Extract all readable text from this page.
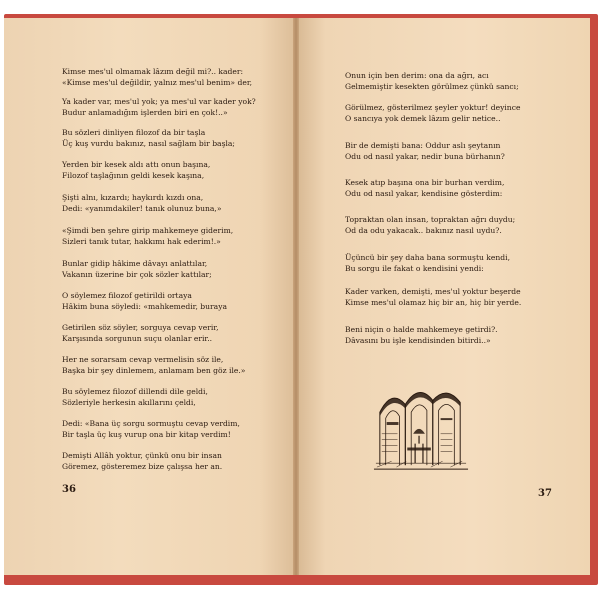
Kimse mes'ul olmamak lâzım değil mi?.. kader:
«Kimse mes'ul değildir, yalnız mes'ul benim» der,
Ya kader var, mes'ul yok; ya mes'ul var kader yok?
Budur anlamadığım işlerden biri en çok!..»
Bu sözleri dinliyen filozof da bir taşla
Üç kuş vurdu bakınız, nasıl sağlam bir başla;
Yerden bir kesek aldı attı onun başına,
Filozof taşlağının geldi kesek kaşına,
Şişti alnı, kızardı; haykırdı kızdı ona,
Dedi: «yanımdakiler! tanık olunuz buna,»
«Şimdi ben şehre girip mahkemeye giderim,
Sizleri tanık tutar, hakkımı hak ederim!.»
Bunlar gidip hâkime dâvayı anlattılar,
Vakanın üzerine bir çok sözler kattılar;
O söylemez filozof getirildi ortaya
Hâkim buna söyledi: «mahkemedir, buraya
Getirilen söz söyler, sorguya cevap verir,
Karşısında sorgunun suçu olanlar erir..
Her ne sorarsam cevap vermelisin söz ile,
Başka bir şey dinlemem, anlamam ben göz ile.»
Bu söylemez filozof dillendi dile geldi,
Sözleriyle herkesin akıllarını çeldi,
Dedi: «Bana üç sorgu sormuştu cevap verdim,
Bir taşla üç kuş vurup ona bir kitap verdim!
Demişti Allâh yoktur, çünkü onu bir insan
Göremez, gösteremez bize çalışsa her an.
36
Onun için ben derim: ona da ağrı, acı
Gelmemiştir kesekten görülmez çünkü sancı;
Görülmez, gösterilmez şeyler yoktur! deyince
O sancıya yok demek lâzım gelir netice..
Bir de demişti bana: Oddur aslı şeytanın
Odu od nasıl yakar, nedir buna bürhanın?
Kesek atıp başına ona bir burhan verdim,
Odu od nasıl yakar, kendisine gösterdim:
Topraktan olan insan, topraktan ağrı duydu;
Od da odu yakacak.. bakınız nasıl uydu?.
Üçüncü bir şey daha bana sormuştu kendi,
Bu sorgu ile fakat o kendisini yendi:
Kader varken, demişti, mes'ul yoktur beşerde
Kimse mes'ul olamaz hiç bir an, hiç bir yerde.
Beni niçin o halde mahkemeye getirdi?.
Dâvasını bu işle kendisinden bitirdi..»
37
